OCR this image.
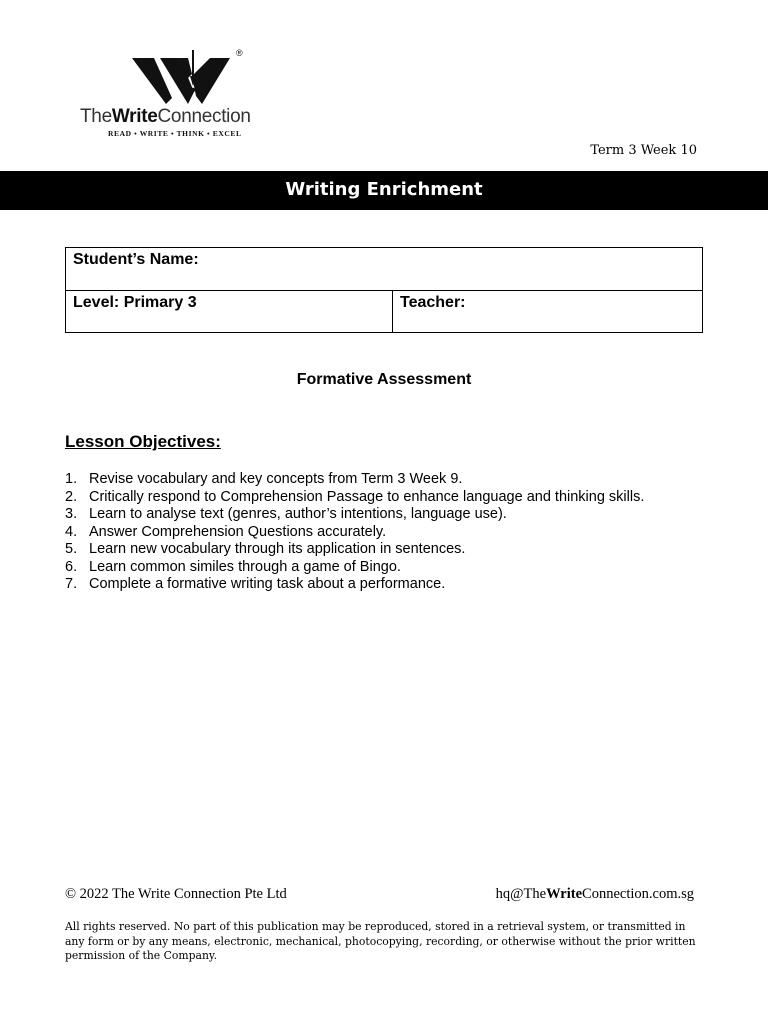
®
TheWriteConnection
READ • WRITE • THINK • EXCEL
Term 3 Week 10
Writing Enrichment
Student’s Name:
Level: Primary 3	Teacher:
Formative Assessment
Lesson Objectives:
1. Revise vocabulary and key concepts from Term 3 Week 9.
2. Critically respond to Comprehension Passage to enhance language and thinking skills.
3. Learn to analyse text (genres, author’s intentions, language use).
4. Answer Comprehension Questions accurately.
5. Learn new vocabulary through its application in sentences.
6. Learn common similes through a game of Bingo.
7. Complete a formative writing task about a performance.
© 2022 The Write Connection Pte Ltd	hq@TheWriteConnection.com.sg
All rights reserved. No part of this publication may be reproduced, stored in a retrieval system, or transmitted in any form or by any means, electronic, mechanical, photocopying, recording, or otherwise without the prior written permission of the Company.
